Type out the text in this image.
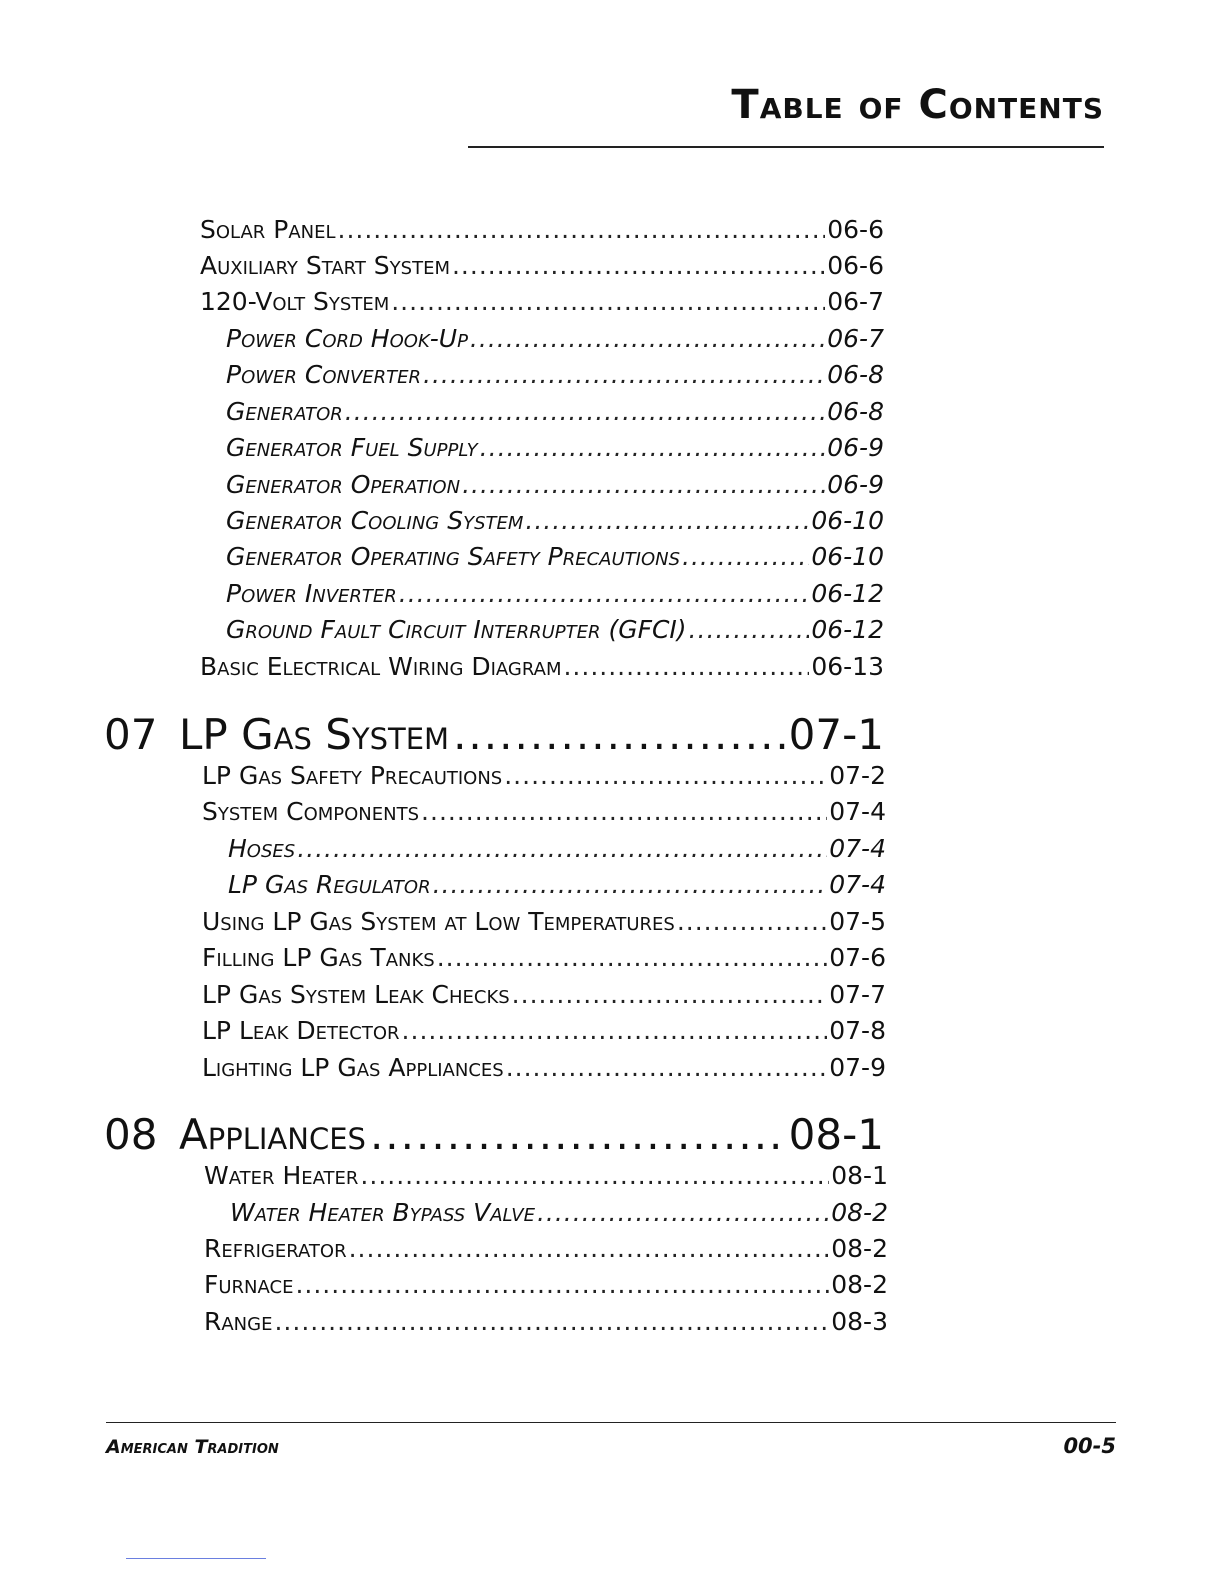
Table of Contents
Solar Panel .....	06-6
Auxiliary Start System .....	06-6
120-Volt System .....	06-7
Power Cord Hook-Up .....	06-7
Power Converter .....	06-8
Generator .....	06-8
Generator Fuel Supply .....	06-9
Generator Operation .....	06-9
Generator Cooling System .....	06-10
Generator Operating Safety Precautions .....	06-10
Power Inverter .....	06-12
Ground Fault Circuit Interrupter (GFCI) .....	06-12
Basic Electrical Wiring Diagram .....	06-13
07 LP Gas System .....	07-1
LP Gas Safety Precautions .....	07-2
System Components .....	07-4
Hoses .....	07-4
LP Gas Regulator .....	07-4
Using LP Gas System at Low Temperatures .....	07-5
Filling LP Gas Tanks .....	07-6
LP Gas System Leak Checks .....	07-7
LP Leak Detector .....	07-8
Lighting LP Gas Appliances .....	07-9
08 Appliances .....	08-1
Water Heater .....	08-1
Water Heater Bypass Valve .....	08-2
Refrigerator .....	08-2
Furnace .....	08-2
Range .....	08-3
American Tradition	00-5
